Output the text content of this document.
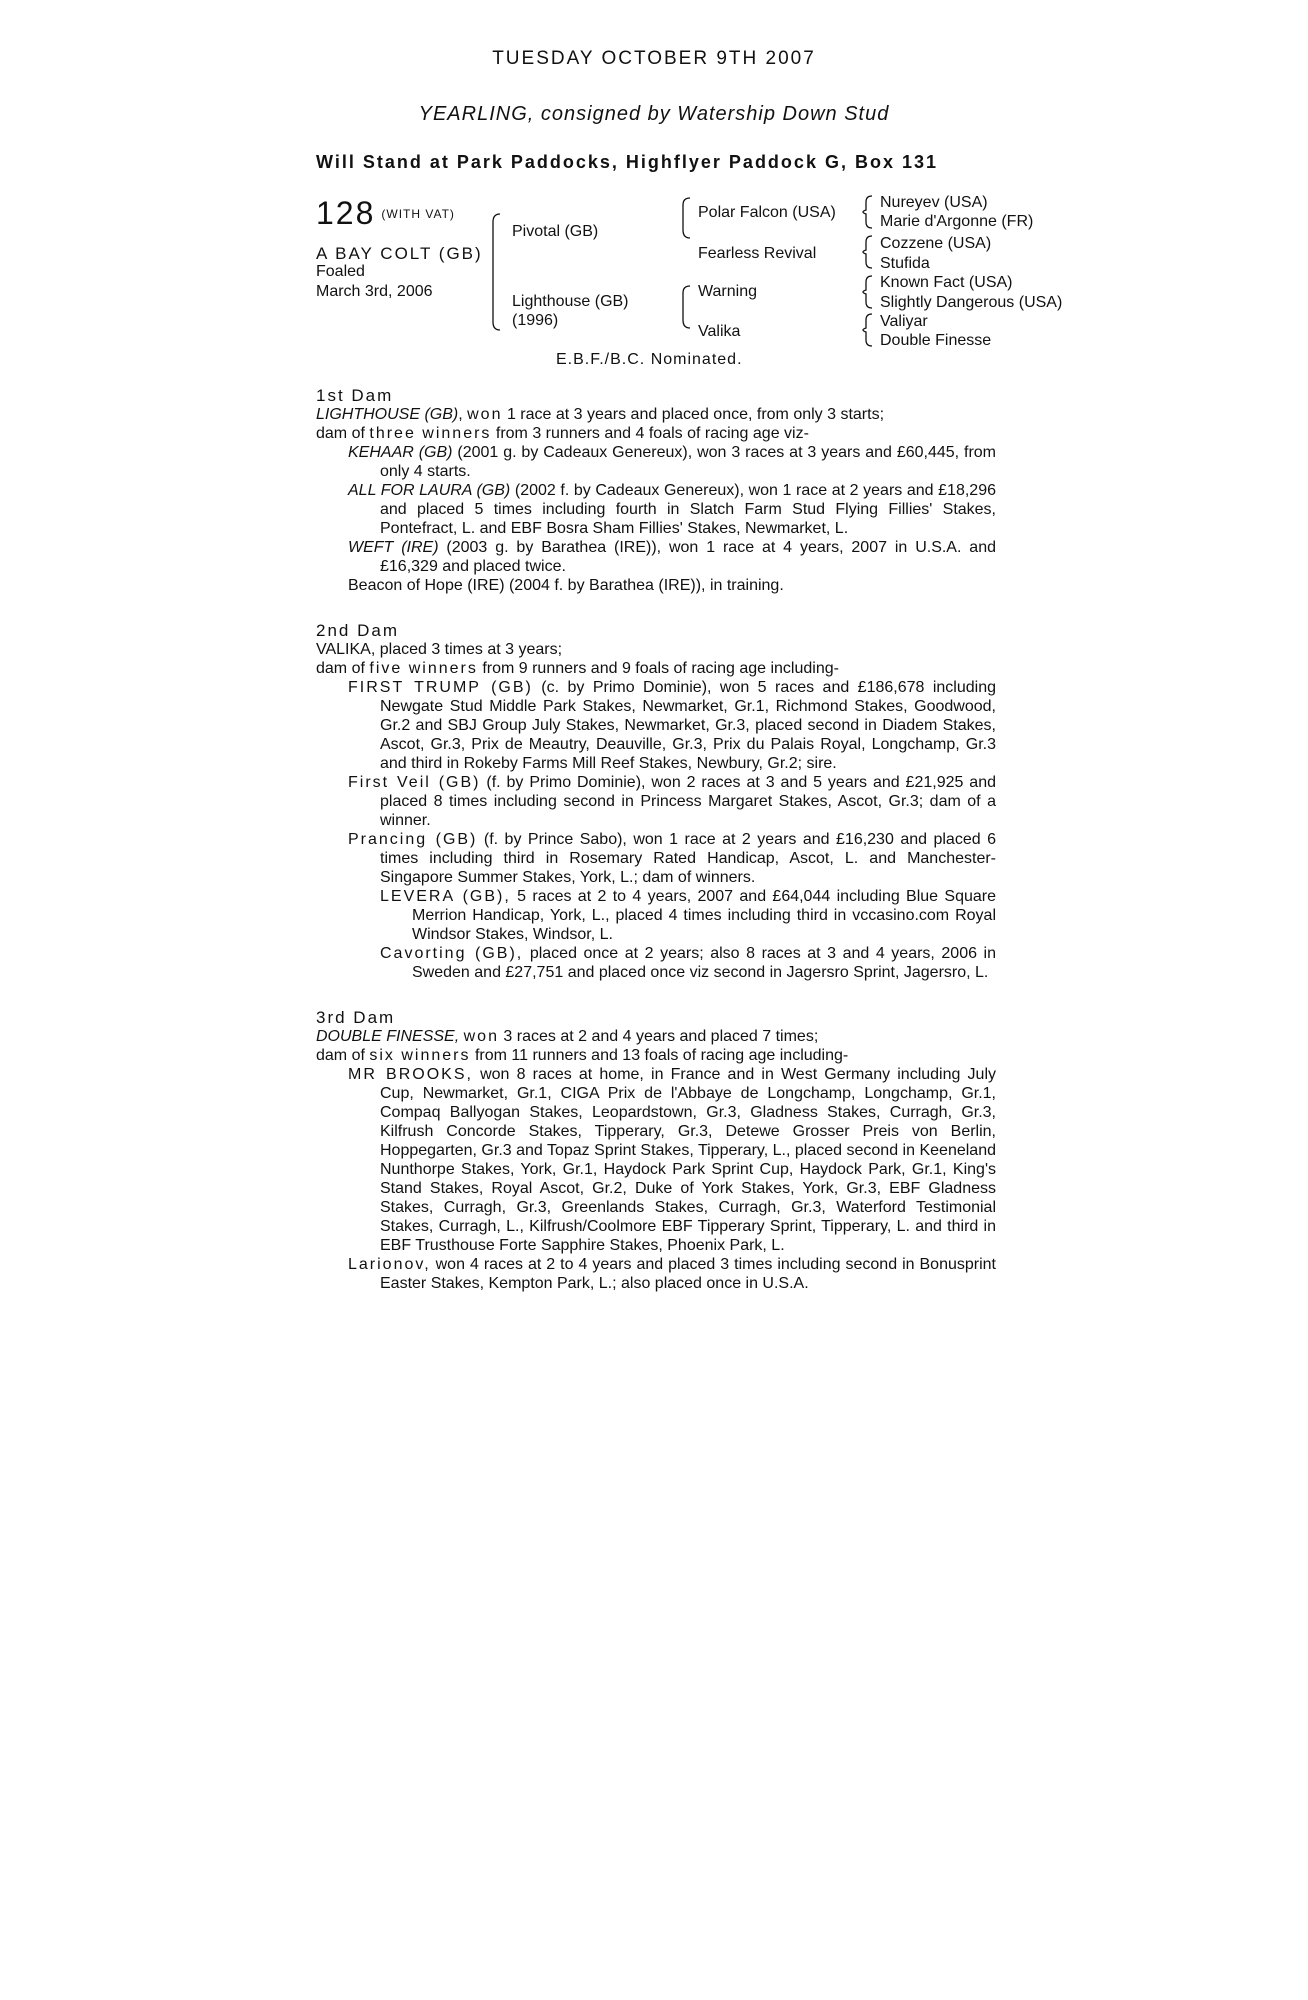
TUESDAY OCTOBER 9TH 2007
YEARLING, consigned by Watership Down Stud
Will Stand at Park Paddocks, Highflyer Paddock G, Box 131
128 (WITH VAT)
A BAY COLT (GB)
Foaled
March 3rd, 2006
Pivotal (GB)
Lighthouse (GB)
(1996)
Polar Falcon (USA)
Fearless Revival
Warning
Valika
Nureyev (USA)
Marie d'Argonne (FR)
Cozzene (USA)
Stufida
Known Fact (USA)
Slightly Dangerous (USA)
Valiyar
Double Finesse
E.B.F./B.C. Nominated.
1st Dam
LIGHTHOUSE (GB), won 1 race at 3 years and placed once, from only 3 starts;
dam of three winners from 3 runners and 4 foals of racing age viz-
KEHAAR (GB) (2001 g. by Cadeaux Genereux), won 3 races at 3 years and £60,445, from only 4 starts.
ALL FOR LAURA (GB) (2002 f. by Cadeaux Genereux), won 1 race at 2 years and £18,296 and placed 5 times including fourth in Slatch Farm Stud Flying Fillies' Stakes, Pontefract, L. and EBF Bosra Sham Fillies' Stakes, Newmarket, L.
WEFT (IRE) (2003 g. by Barathea (IRE)), won 1 race at 4 years, 2007 in U.S.A. and £16,329 and placed twice.
Beacon of Hope (IRE) (2004 f. by Barathea (IRE)), in training.
2nd Dam
VALIKA, placed 3 times at 3 years;
dam of five winners from 9 runners and 9 foals of racing age including-
FIRST TRUMP (GB) (c. by Primo Dominie), won 5 races and £186,678 including Newgate Stud Middle Park Stakes, Newmarket, Gr.1, Richmond Stakes, Goodwood, Gr.2 and SBJ Group July Stakes, Newmarket, Gr.3, placed second in Diadem Stakes, Ascot, Gr.3, Prix de Meautry, Deauville, Gr.3, Prix du Palais Royal, Longchamp, Gr.3 and third in Rokeby Farms Mill Reef Stakes, Newbury, Gr.2; sire.
First Veil (GB) (f. by Primo Dominie), won 2 races at 3 and 5 years and £21,925 and placed 8 times including second in Princess Margaret Stakes, Ascot, Gr.3; dam of a winner.
Prancing (GB) (f. by Prince Sabo), won 1 race at 2 years and £16,230 and placed 6 times including third in Rosemary Rated Handicap, Ascot, L. and Manchester-Singapore Summer Stakes, York, L.; dam of winners.
LEVERA (GB), 5 races at 2 to 4 years, 2007 and £64,044 including Blue Square Merrion Handicap, York, L., placed 4 times including third in vccasino.com Royal Windsor Stakes, Windsor, L.
Cavorting (GB), placed once at 2 years; also 8 races at 3 and 4 years, 2006 in Sweden and £27,751 and placed once viz second in Jagersro Sprint, Jagersro, L.
3rd Dam
DOUBLE FINESSE, won 3 races at 2 and 4 years and placed 7 times;
dam of six winners from 11 runners and 13 foals of racing age including-
MR BROOKS, won 8 races at home, in France and in West Germany including July Cup, Newmarket, Gr.1, CIGA Prix de l'Abbaye de Longchamp, Longchamp, Gr.1, Compaq Ballyogan Stakes, Leopardstown, Gr.3, Gladness Stakes, Curragh, Gr.3, Kilfrush Concorde Stakes, Tipperary, Gr.3, Detewe Grosser Preis von Berlin, Hoppegarten, Gr.3 and Topaz Sprint Stakes, Tipperary, L., placed second in Keeneland Nunthorpe Stakes, York, Gr.1, Haydock Park Sprint Cup, Haydock Park, Gr.1, King's Stand Stakes, Royal Ascot, Gr.2, Duke of York Stakes, York, Gr.3, EBF Gladness Stakes, Curragh, Gr.3, Greenlands Stakes, Curragh, Gr.3, Waterford Testimonial Stakes, Curragh, L., Kilfrush/Coolmore EBF Tipperary Sprint, Tipperary, L. and third in EBF Trusthouse Forte Sapphire Stakes, Phoenix Park, L.
Larionov, won 4 races at 2 to 4 years and placed 3 times including second in Bonusprint Easter Stakes, Kempton Park, L.; also placed once in U.S.A.
